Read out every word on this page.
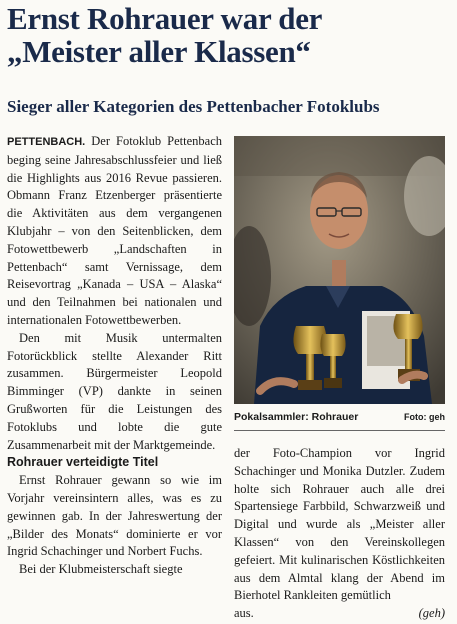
Ernst Rohrauer war der
„Meister aller Klassen“
Sieger aller Kategorien des Pettenbacher Fotoklubs

PETTENBACH. Der Fotoklub Pettenbach beging seine Jahresabschlussfeier und ließ die Highlights aus 2016 Revue passieren. Obmann Franz Etzenberger präsentierte die Aktivitäten aus dem vergangenen Klubjahr – von den Seitenblicken, dem Fotowettbewerb „Landschaften in Pettenbach“ samt Vernissage, dem Reisevortrag „Kanada – USA – Alaska“ und den Teilnahmen bei nationalen und internationalen Fotowettbewerben.

Den mit Musik untermalten Fotorückblick stellte Alexander Ritt zusammen. Bürgermeister Leopold Bimminger (VP) dankte in seinen Grußworten für die Leistungen des Fotoklubs und lobte die gute Zusammenarbeit mit der Marktgemeinde.

Rohrauer verteidigte Titel

Ernst Rohrauer gewann so wie im Vorjahr vereinsintern alles, was es zu gewinnen gab. In der Jahreswertung der „Bilder des Monats“ dominierte er vor Ingrid Schachinger und Norbert Fuchs.

Bei der Klubmeisterschaft siegte

Pokalsammler: Rohrauer	Foto: geh

der Foto-Champion vor Ingrid Schachinger und Monika Dutzler. Zudem holte sich Rohrauer auch alle drei Spartensiege Farbbild, Schwarzweiß und Digital und wurde als „Meister aller Klassen“ von den Vereinskollegen gefeiert. Mit kulinarischen Köstlichkeiten aus dem Almtal klang der Abend im Bierhotel Rankleiten gemütlich

aus.	(geh)
